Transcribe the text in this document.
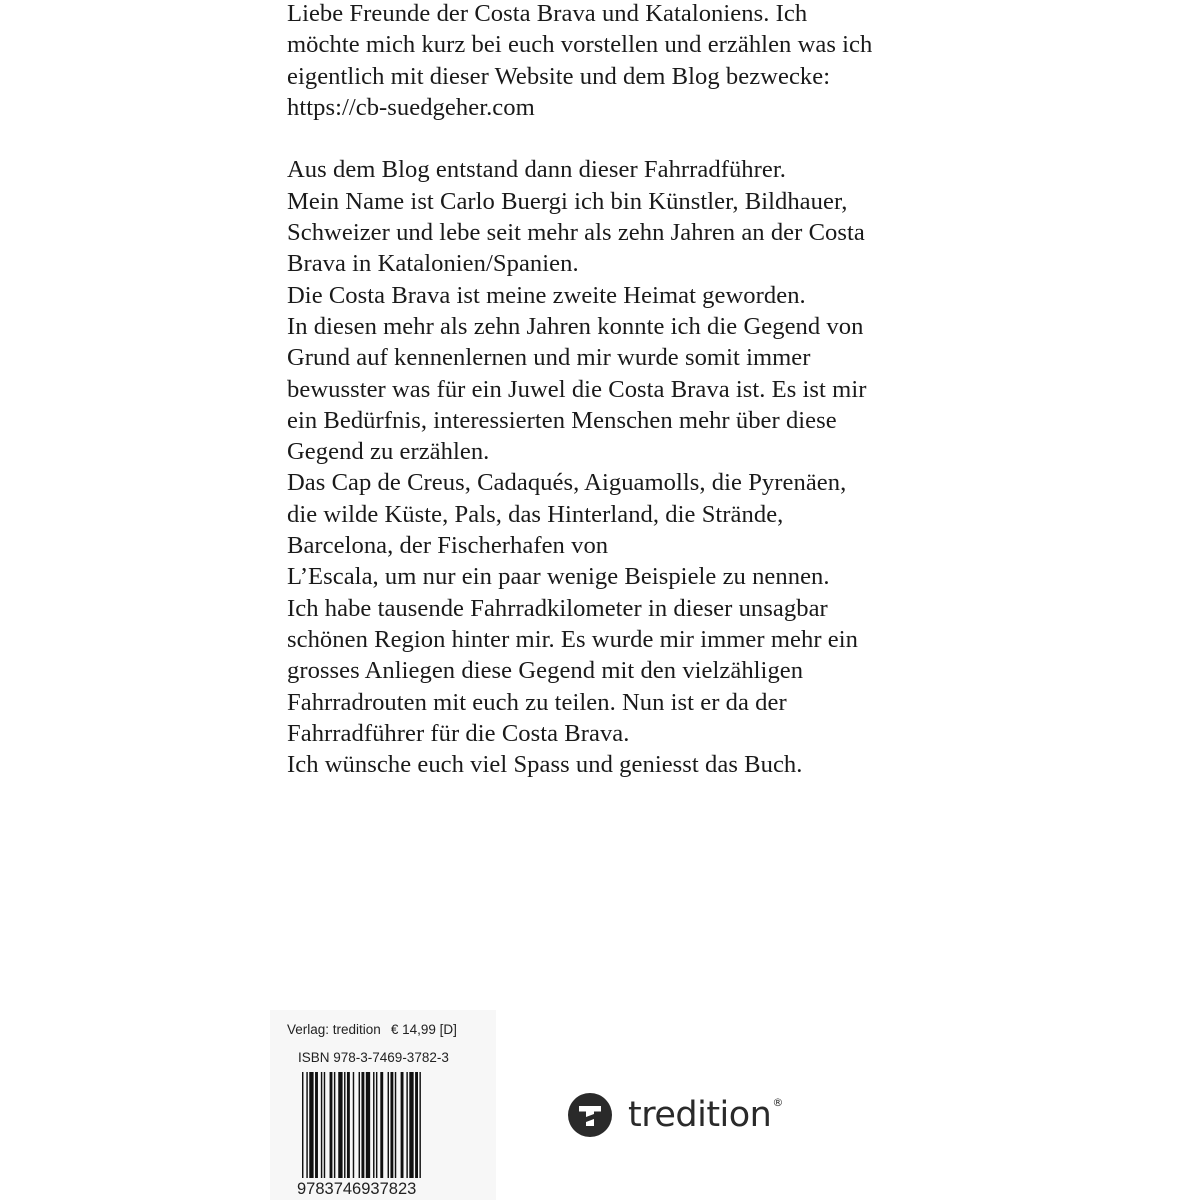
Liebe Freunde der Costa Brava und Kataloniens. Ich
möchte mich kurz bei euch vorstellen und erzählen was ich
eigentlich mit dieser Website und dem Blog bezwecke:
https://cb-suedgeher.com
Aus dem Blog entstand dann dieser Fahrradführer.
Mein Name ist Carlo Buergi ich bin Künstler, Bildhauer,
Schweizer und lebe seit mehr als zehn Jahren an der Costa
Brava in Katalonien/Spanien.
Die Costa Brava ist meine zweite Heimat geworden.
In diesen mehr als zehn Jahren konnte ich die Gegend von
Grund auf kennenlernen und mir wurde somit immer
bewusster was für ein Juwel die Costa Brava ist. Es ist mir
ein Bedürfnis, interessierten Menschen mehr über diese
Gegend zu erzählen.
Das Cap de Creus, Cadaqués, Aiguamolls, die Pyrenäen,
die wilde Küste, Pals, das Hinterland, die Strände,
Barcelona, der Fischerhafen von
L’Escala, um nur ein paar wenige Beispiele zu nennen.
Ich habe tausende Fahrradkilometer in dieser unsagbar
schönen Region hinter mir. Es wurde mir immer mehr ein
grosses Anliegen diese Gegend mit den vielzähligen
Fahrradrouten mit euch zu teilen. Nun ist er da der
Fahrradführer für die Costa Brava.
Ich wünsche euch viel Spass und geniesst das Buch.
Verlag: tredition € 14,99 [D]
ISBN 978-3-7469-3782-3
9783746937823
tredition®
